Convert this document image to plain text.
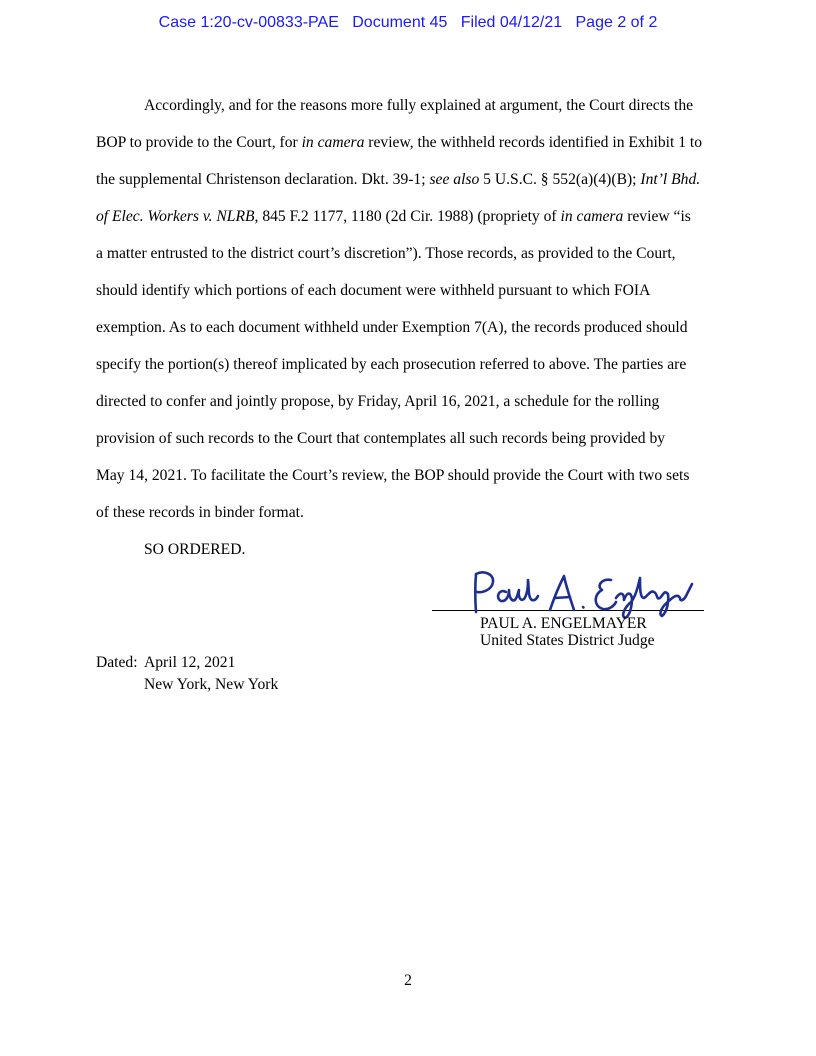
Case 1:20-cv-00833-PAE Document 45 Filed 04/12/21 Page 2 of 2
Accordingly, and for the reasons more fully explained at argument, the Court directs the
BOP to provide to the Court, for in camera review, the withheld records identified in Exhibit 1 to
the supplemental Christenson declaration. Dkt. 39-1; see also 5 U.S.C. § 552(a)(4)(B); Int’l Bhd.
of Elec. Workers v. NLRB, 845 F.2 1177, 1180 (2d Cir. 1988) (propriety of in camera review “is
a matter entrusted to the district court’s discretion”). Those records, as provided to the Court,
should identify which portions of each document were withheld pursuant to which FOIA
exemption. As to each document withheld under Exemption 7(A), the records produced should
specify the portion(s) thereof implicated by each prosecution referred to above. The parties are
directed to confer and jointly propose, by Friday, April 16, 2021, a schedule for the rolling
provision of such records to the Court that contemplates all such records being provided by
May 14, 2021. To facilitate the Court’s review, the BOP should provide the Court with two sets
of these records in binder format.
SO ORDERED.
PAUL A. ENGELMAYER
United States District Judge
Dated: April 12, 2021
New York, New York
2
